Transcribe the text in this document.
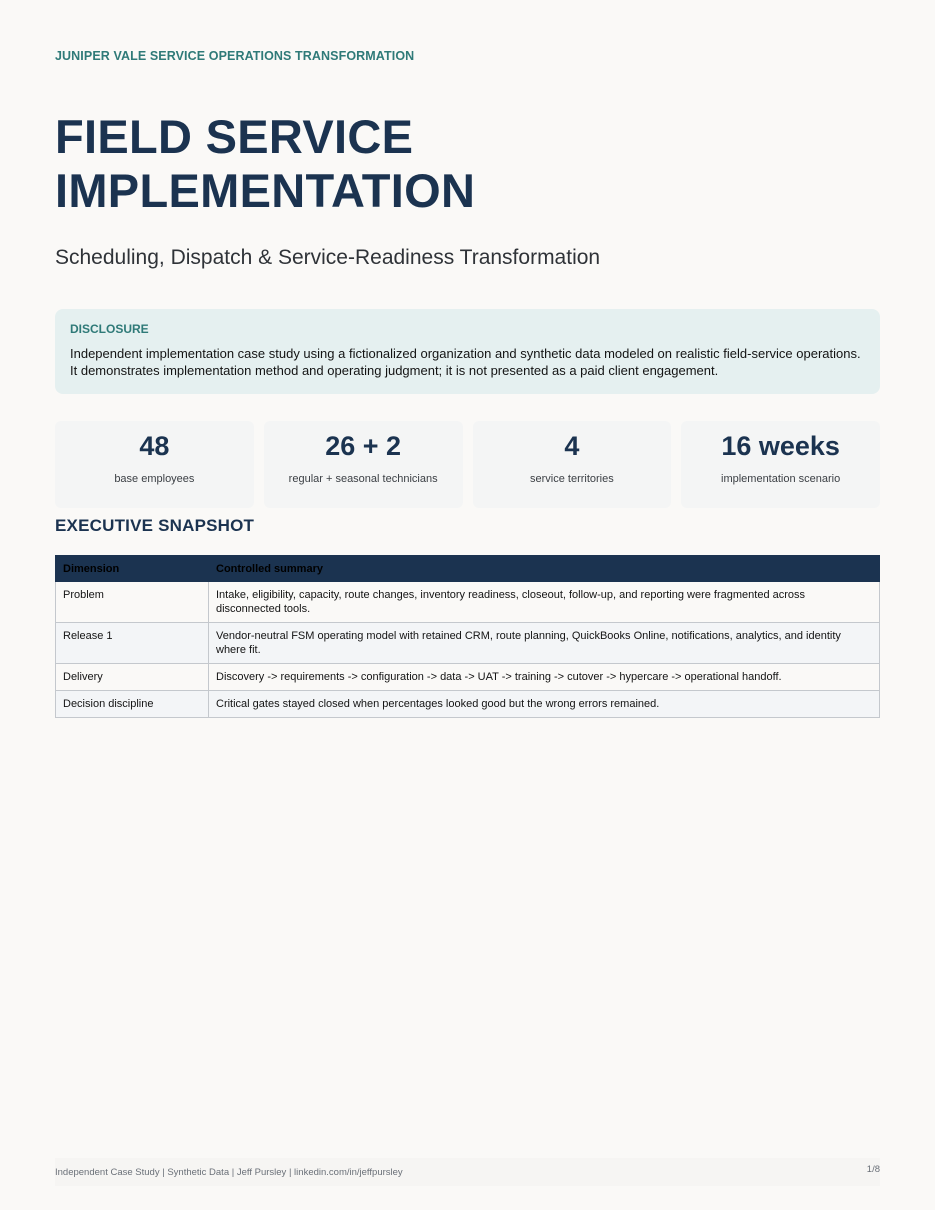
JUNIPER VALE SERVICE OPERATIONS TRANSFORMATION
FIELD SERVICE
IMPLEMENTATION
Scheduling, Dispatch & Service-Readiness Transformation
DISCLOSURE
Independent implementation case study using a fictionalized organization and synthetic data modeled on realistic field-service operations. It demonstrates implementation method and operating judgment; it is not presented as a paid client engagement.
48
base employees
26 + 2
regular + seasonal technicians
4
service territories
16 weeks
implementation scenario
EXECUTIVE SNAPSHOT
Dimension	Controlled summary
Problem	Intake, eligibility, capacity, route changes, inventory readiness, closeout, follow-up, and reporting were fragmented across disconnected tools.
Release 1	Vendor-neutral FSM operating model with retained CRM, route planning, QuickBooks Online, notifications, analytics, and identity where fit.
Delivery	Discovery -> requirements -> configuration -> data -> UAT -> training -> cutover -> hypercare -> operational handoff.
Decision discipline	Critical gates stayed closed when percentages looked good but the wrong errors remained.
Independent Case Study | Synthetic Data | Jeff Pursley | linkedin.com/in/jeffpursley	1/8
